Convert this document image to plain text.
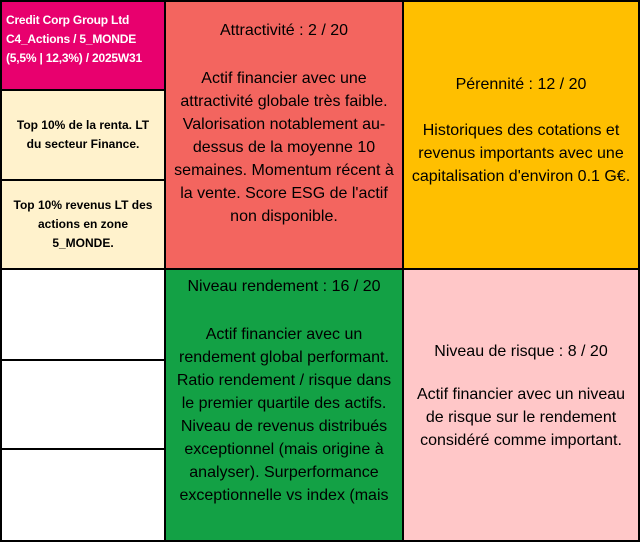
Credit Corp Group Ltd
C4_Actions / 5_MONDE
(5,5% | 12,3%) / 2025W31
Top 10% de la renta. LT du secteur Finance.
Top 10% revenus LT des actions en zone 5_MONDE.
Attractivité : 2 / 20
Actif financier avec une attractivité globale très faible. Valorisation notablement au-dessus de la moyenne 10 semaines. Momentum récent à la vente. Score ESG de l'actif non disponible.
Pérennité : 12 / 20
Historiques des cotations et revenus importants avec une capitalisation d'environ 0.1 G€.
Niveau rendement : 16 / 20
Actif financier avec un rendement global performant. Ratio rendement / risque dans le premier quartile des actifs. Niveau de revenus distribués exceptionnel (mais origine à analyser). Surperformance exceptionnelle vs index (mais
Niveau de risque : 8 / 20
Actif financier avec un niveau de risque sur le rendement considéré comme important.
